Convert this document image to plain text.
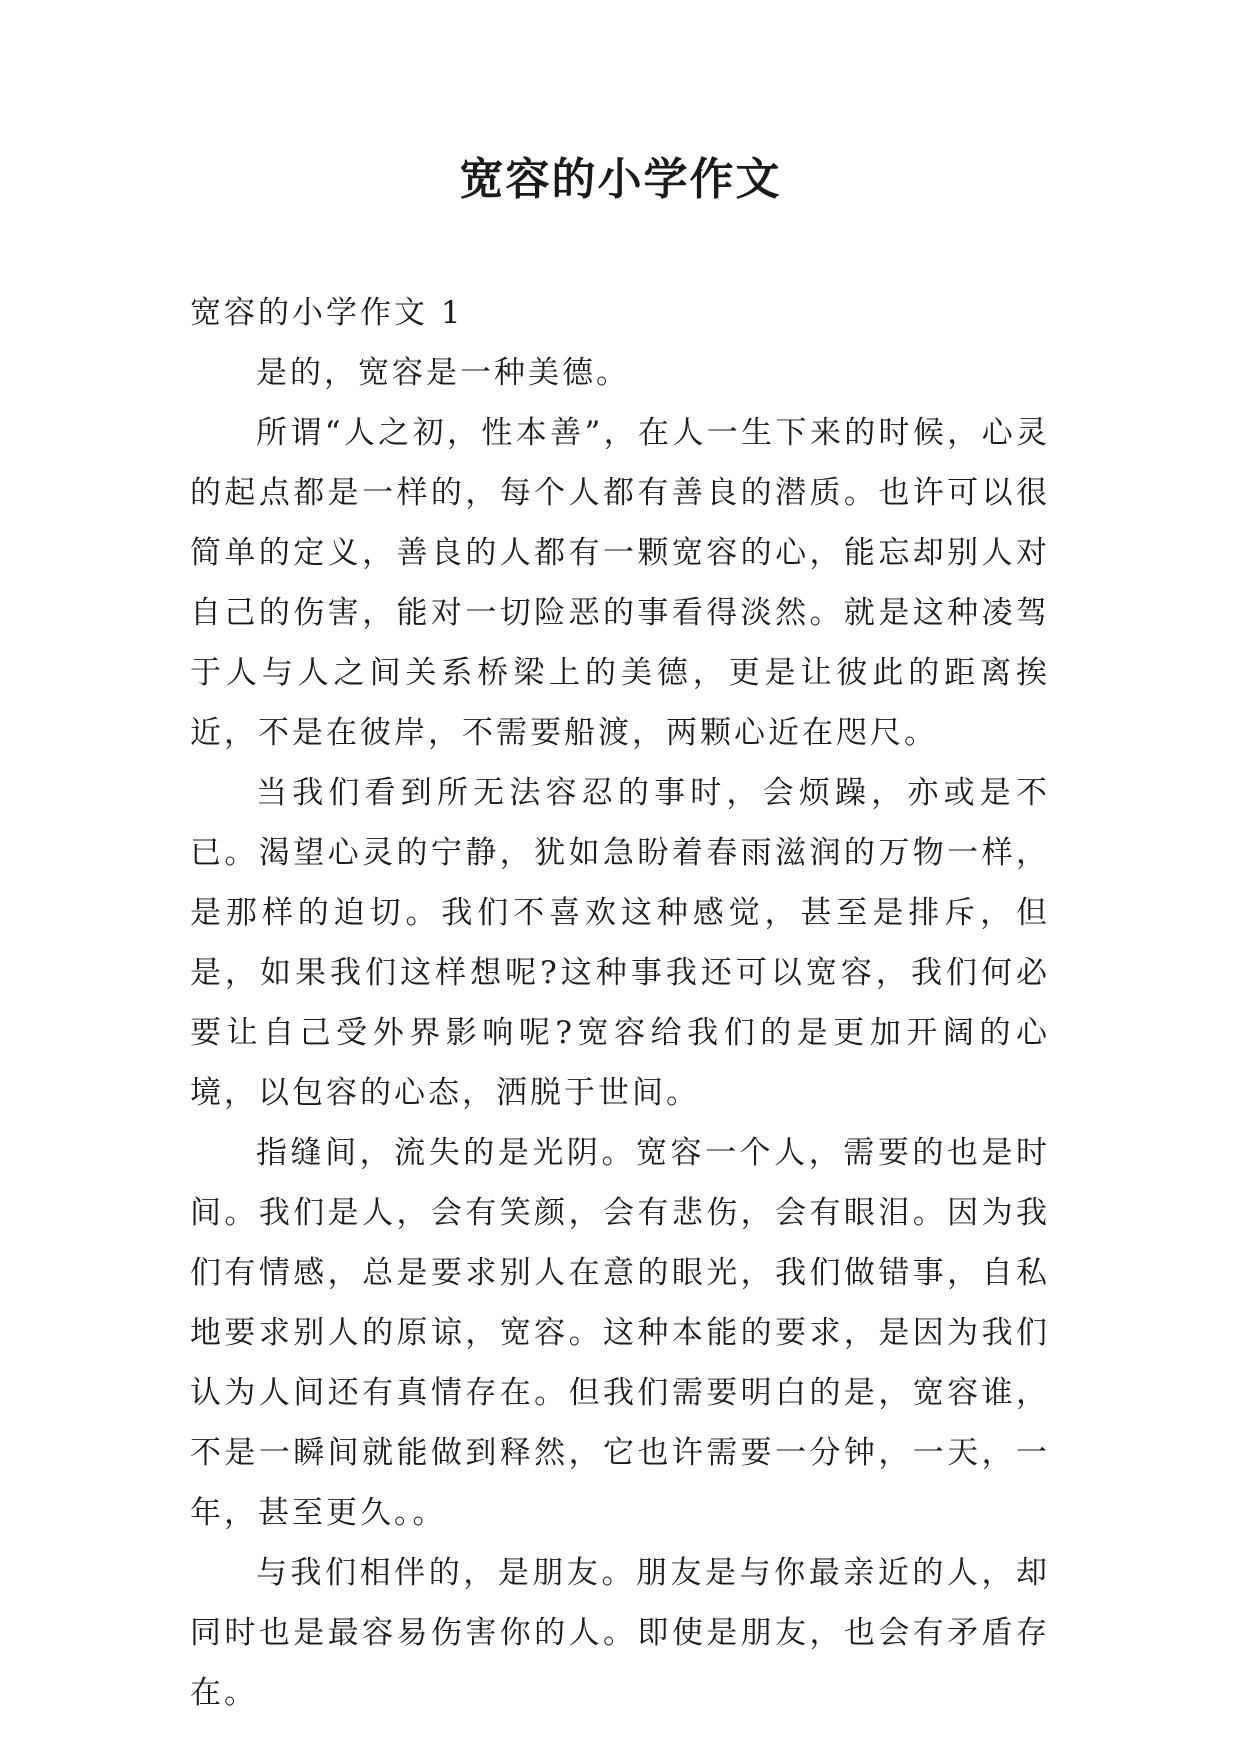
宽容的小学作文

宽容的小学作文 1

是的，宽容是一种美德。

所谓“人之初，性本善”，在人一生下来的时候，心灵的起点都是一样的，每个人都有善良的潜质。也许可以很简单的定义，善良的人都有一颗宽容的心，能忘却别人对自己的伤害，能对一切险恶的事看得淡然。就是这种凌驾于人与人之间关系桥梁上的美德，更是让彼此的距离挨近，不是在彼岸，不需要船渡，两颗心近在咫尺。

当我们看到所无法容忍的事时，会烦躁，亦或是不已。渴望心灵的宁静，犹如急盼着春雨滋润的万物一样，是那样的迫切。我们不喜欢这种感觉，甚至是排斥，但是，如果我们这样想呢?这种事我还可以宽容，我们何必要让自己受外界影响呢?宽容给我们的是更加开阔的心境，以包容的心态，洒脱于世间。

指缝间，流失的是光阴。宽容一个人，需要的也是时间。我们是人，会有笑颜，会有悲伤，会有眼泪。因为我们有情感，总是要求别人在意的眼光，我们做错事，自私地要求别人的原谅，宽容。这种本能的要求，是因为我们认为人间还有真情存在。但我们需要明白的是，宽容谁，不是一瞬间就能做到释然，它也许需要一分钟，一天，一年，甚至更久。。

与我们相伴的，是朋友。朋友是与你最亲近的人，却同时也是最容易伤害你的人。即使是朋友，也会有矛盾存在。
